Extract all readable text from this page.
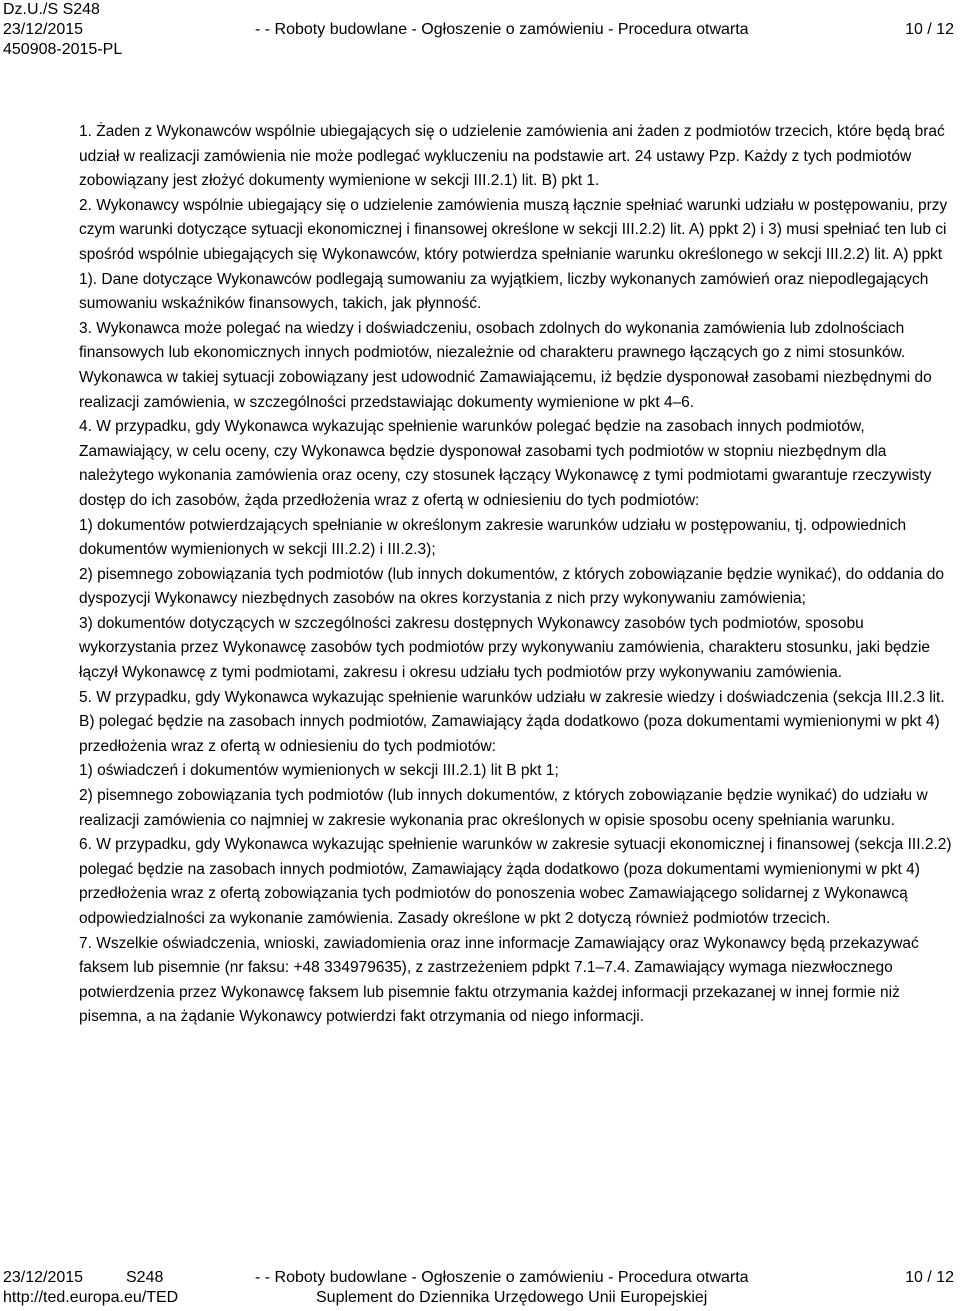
Dz.U./S S248
23/12/2015	- - Roboty budowlane - Ogłoszenie o zamówieniu - Procedura otwarta	10 / 12
450908-2015-PL

1. Żaden z Wykonawców wspólnie ubiegających się o udzielenie zamówienia ani żaden z podmiotów trzecich, które będą brać udział w realizacji zamówienia nie może podlegać wykluczeniu na podstawie art. 24 ustawy Pzp. Każdy z tych podmiotów zobowiązany jest złożyć dokumenty wymienione w sekcji III.2.1) lit. B) pkt 1.

2. Wykonawcy wspólnie ubiegający się o udzielenie zamówienia muszą łącznie spełniać warunki udziału w postępowaniu, przy czym warunki dotyczące sytuacji ekonomicznej i finansowej określone w sekcji III.2.2) lit. A) ppkt 2) i 3) musi spełniać ten lub ci spośród wspólnie ubiegających się Wykonawców, który potwierdza spełnianie warunku określonego w sekcji III.2.2) lit. A) ppkt 1). Dane dotyczące Wykonawców podlegają sumowaniu za wyjątkiem, liczby wykonanych zamówień oraz niepodlegających sumowaniu wskaźników finansowych, takich, jak płynność.

3. Wykonawca może polegać na wiedzy i doświadczeniu, osobach zdolnych do wykonania zamówienia lub zdolnościach finansowych lub ekonomicznych innych podmiotów, niezależnie od charakteru prawnego łączących go z nimi stosunków. Wykonawca w takiej sytuacji zobowiązany jest udowodnić Zamawiającemu, iż będzie dysponował zasobami niezbędnymi do realizacji zamówienia, w szczególności przedstawiając dokumenty wymienione w pkt 4–6.

4. W przypadku, gdy Wykonawca wykazując spełnienie warunków polegać będzie na zasobach innych podmiotów, Zamawiający, w celu oceny, czy Wykonawca będzie dysponował zasobami tych podmiotów w stopniu niezbędnym dla należytego wykonania zamówienia oraz oceny, czy stosunek łączący Wykonawcę z tymi podmiotami gwarantuje rzeczywisty dostęp do ich zasobów, żąda przedłożenia wraz z ofertą w odniesieniu do tych podmiotów:

1) dokumentów potwierdzających spełnianie w określonym zakresie warunków udziału w postępowaniu, tj. odpowiednich dokumentów wymienionych w sekcji III.2.2) i III.2.3);

2) pisemnego zobowiązania tych podmiotów (lub innych dokumentów, z których zobowiązanie będzie wynikać), do oddania do dyspozycji Wykonawcy niezbędnych zasobów na okres korzystania z nich przy wykonywaniu zamówienia;

3) dokumentów dotyczących w szczególności zakresu dostępnych Wykonawcy zasobów tych podmiotów, sposobu wykorzystania przez Wykonawcę zasobów tych podmiotów przy wykonywaniu zamówienia, charakteru stosunku, jaki będzie łączył Wykonawcę z tymi podmiotami, zakresu i okresu udziału tych podmiotów przy wykonywaniu zamówienia.

5. W przypadku, gdy Wykonawca wykazując spełnienie warunków udziału w zakresie wiedzy i doświadczenia (sekcja III.2.3 lit. B) polegać będzie na zasobach innych podmiotów, Zamawiający żąda dodatkowo (poza dokumentami wymienionymi w pkt 4) przedłożenia wraz z ofertą w odniesieniu do tych podmiotów:

1) oświadczeń i dokumentów wymienionych w sekcji III.2.1) lit B pkt 1;

2) pisemnego zobowiązania tych podmiotów (lub innych dokumentów, z których zobowiązanie będzie wynikać) do udziału w realizacji zamówienia co najmniej w zakresie wykonania prac określonych w opisie sposobu oceny spełniania warunku.

6. W przypadku, gdy Wykonawca wykazując spełnienie warunków w zakresie sytuacji ekonomicznej i finansowej (sekcja III.2.2) polegać będzie na zasobach innych podmiotów, Zamawiający żąda dodatkowo (poza dokumentami wymienionymi w pkt 4) przedłożenia wraz z ofertą zobowiązania tych podmiotów do ponoszenia wobec Zamawiającego solidarnej z Wykonawcą odpowiedzialności za wykonanie zamówienia. Zasady określone w pkt 2 dotyczą również podmiotów trzecich.

7. Wszelkie oświadczenia, wnioski, zawiadomienia oraz inne informacje Zamawiający oraz Wykonawcy będą przekazywać faksem lub pisemnie (nr faksu: +48 334979635), z zastrzeżeniem pdpkt 7.1–7.4. Zamawiający wymaga niezwłocznego potwierdzenia przez Wykonawcę faksem lub pisemnie faktu otrzymania każdej informacji przekazanej w innej formie niż pisemna, a na żądanie Wykonawcy potwierdzi fakt otrzymania od niego informacji.

23/12/2015	S248	- - Roboty budowlane - Ogłoszenie o zamówieniu - Procedura otwarta	10 / 12
http://ted.europa.eu/TED	Suplement do Dziennika Urzędowego Unii Europejskiej
